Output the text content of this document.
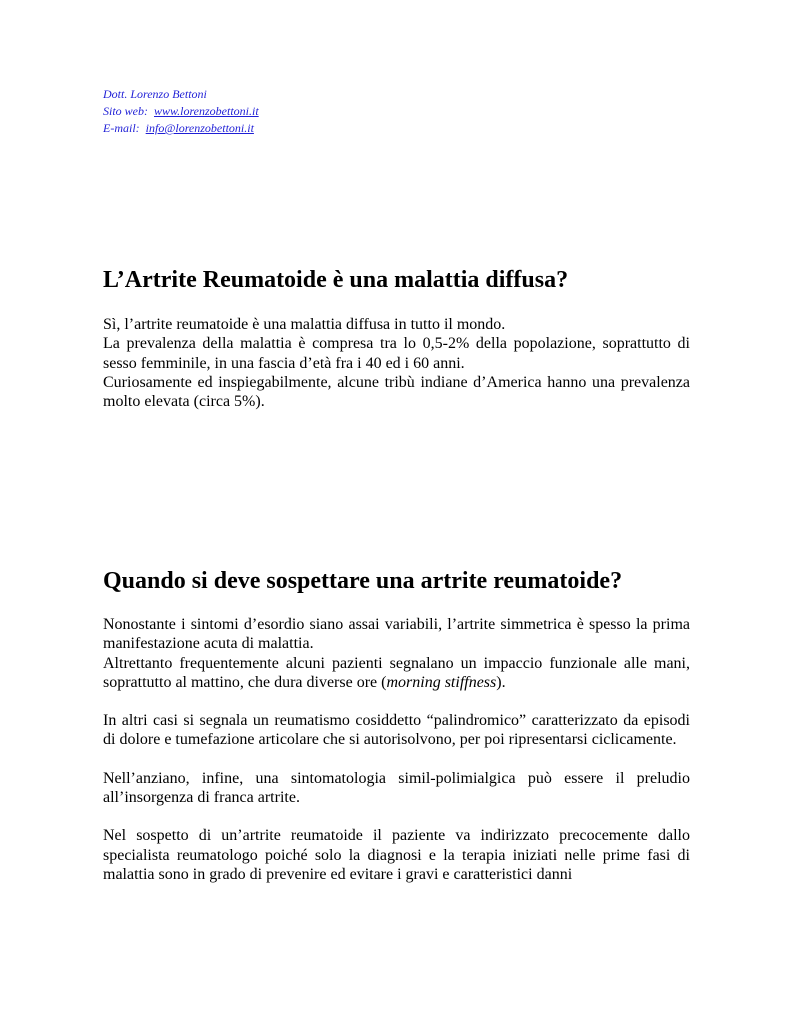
Dott. Lorenzo Bettoni
Sito web: www.lorenzobettoni.it
E-mail: info@lorenzobettoni.it
L’Artrite Reumatoide è una malattia diffusa?

Sì, l’artrite reumatoide è una malattia diffusa in tutto il mondo.

La prevalenza della malattia è compresa tra lo 0,5-2% della popolazione, soprattutto di sesso femminile, in una fascia d’età fra i 40 ed i 60 anni.

Curiosamente ed inspiegabilmente, alcune tribù indiane d’America hanno una prevalenza molto elevata (circa 5%).

Quando si deve sospettare una artrite reumatoide?

Nonostante i sintomi d’esordio siano assai variabili, l’artrite simmetrica è spesso la prima manifestazione acuta di malattia.

Altrettanto frequentemente alcuni pazienti segnalano un impaccio funzionale alle mani, soprattutto al mattino, che dura diverse ore (morning stiffness).

In altri casi si segnala un reumatismo cosiddetto “palindromico” caratterizzato da episodi di dolore e tumefazione articolare che si autorisolvono, per poi ripresentarsi ciclicamente.

Nell’anziano, infine, una sintomatologia simil-polimialgica può essere il preludio all’insorgenza di franca artrite.

Nel sospetto di un’artrite reumatoide il paziente va indirizzato precocemente dallo specialista reumatologo poiché solo la diagnosi e la terapia iniziati nelle prime fasi di malattia sono in grado di prevenire ed evitare i gravi e caratteristici danni
